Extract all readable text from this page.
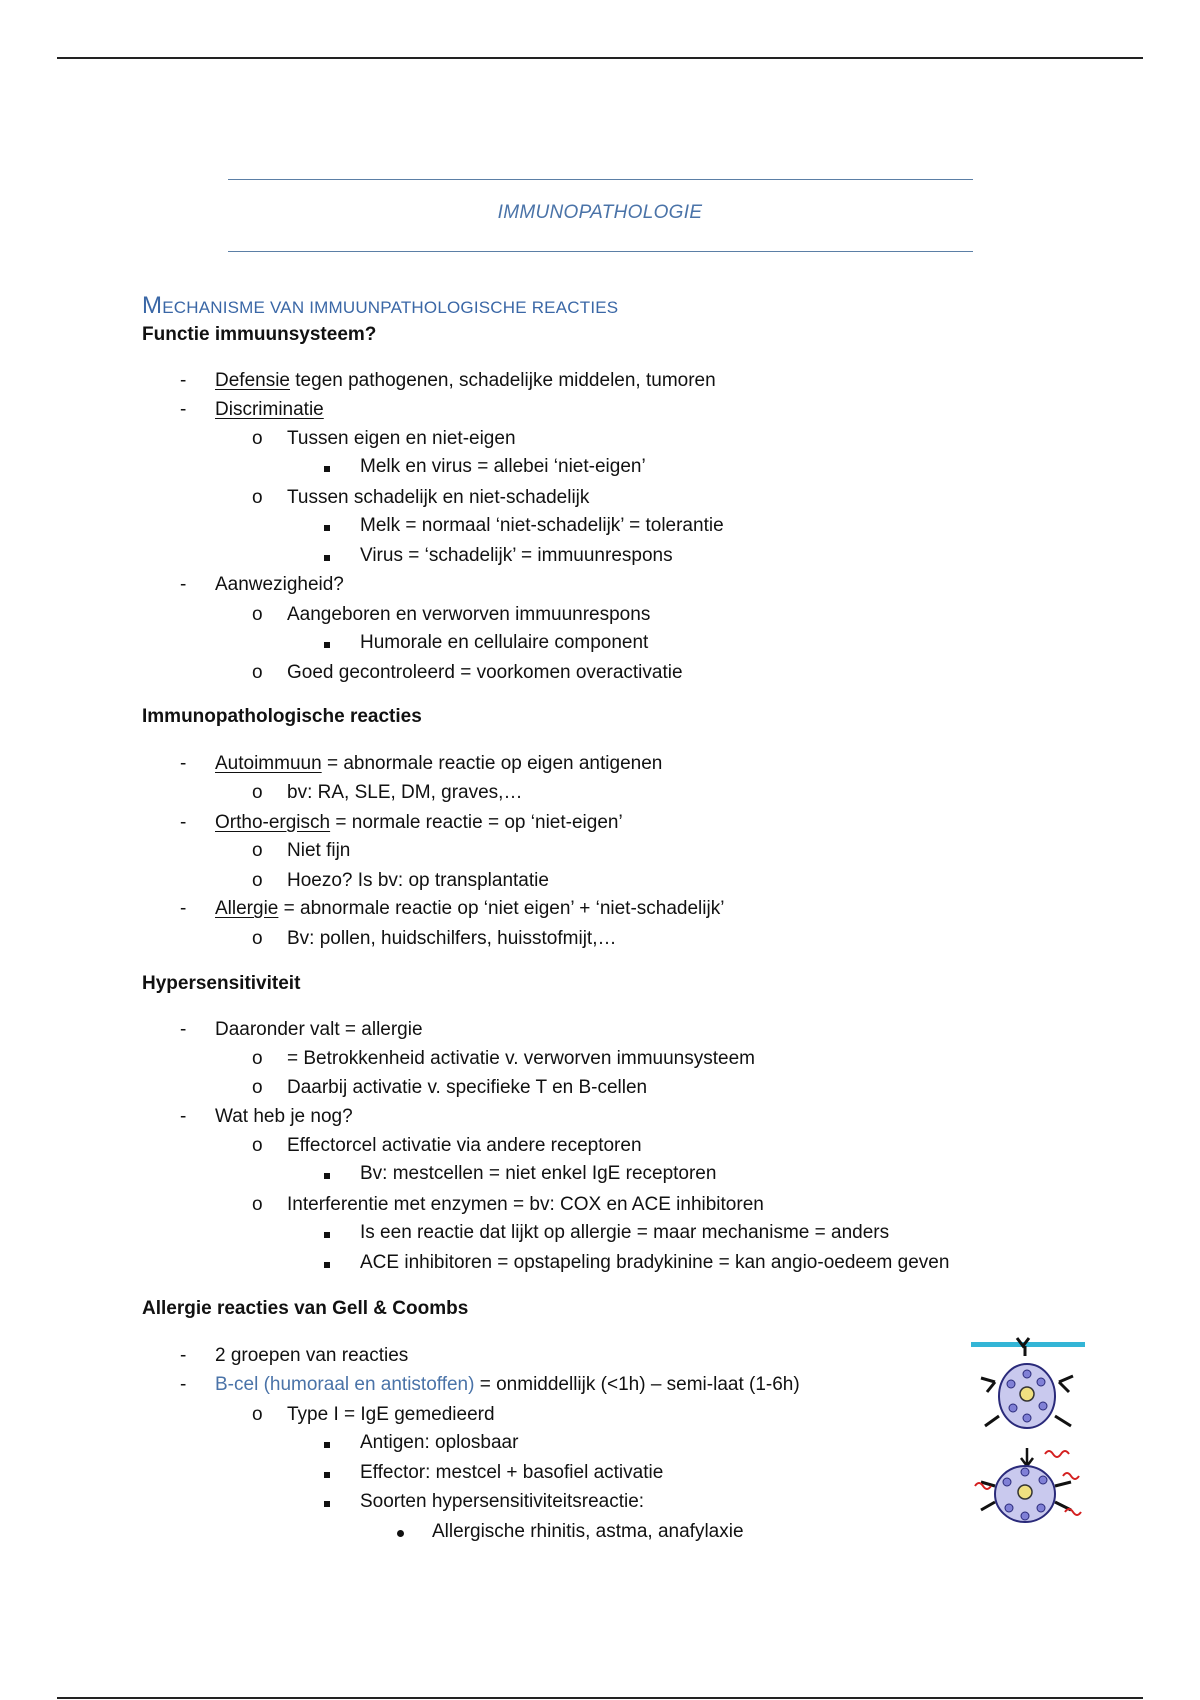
IMMUNOPATHOLOGIE
MECHANISME VAN IMMUUNPATHOLOGISCHE REACTIES
Functie immuunsysteem?
- Defensie tegen pathogenen, schadelijke middelen, tumoren
- Discriminatie
o Tussen eigen en niet-eigen
Melk en virus = allebei ‘niet-eigen’
o Tussen schadelijk en niet-schadelijk
Melk = normaal ‘niet-schadelijk’ = tolerantie
Virus = ‘schadelijk’ = immuunrespons
- Aanwezigheid?
o Aangeboren en verworven immuunrespons
Humorale en cellulaire component
o Goed gecontroleerd = voorkomen overactivatie
Immunopathologische reacties
- Autoimmuun = abnormale reactie op eigen antigenen
o bv: RA, SLE, DM, graves,…
- Ortho-ergisch = normale reactie = op ‘niet-eigen’
o Niet fijn
o Hoezo? Is bv: op transplantatie
- Allergie = abnormale reactie op ‘niet eigen’ + ‘niet-schadelijk’
o Bv: pollen, huidschilfers, huisstofmijt,…
Hypersensitiviteit
- Daaronder valt = allergie
o = Betrokkenheid activatie v. verworven immuunsysteem
o Daarbij activatie v. specifieke T en B-cellen
- Wat heb je nog?
o Effectorcel activatie via andere receptoren
Bv: mestcellen = niet enkel IgE receptoren
o Interferentie met enzymen = bv: COX en ACE inhibitoren
Is een reactie dat lijkt op allergie = maar mechanisme = anders
ACE inhibitoren = opstapeling bradykinine = kan angio-oedeem geven
Allergie reacties van Gell & Coombs
- 2 groepen van reacties
- B-cel (humoraal en antistoffen) = onmiddellijk (<1h) – semi-laat (1-6h)
o Type I = IgE gemedieerd
Antigen: oplosbaar
Effector: mestcel + basofiel activatie
Soorten hypersensitiviteitsreactie:
Allergische rhinitis, astma, anafylaxie
